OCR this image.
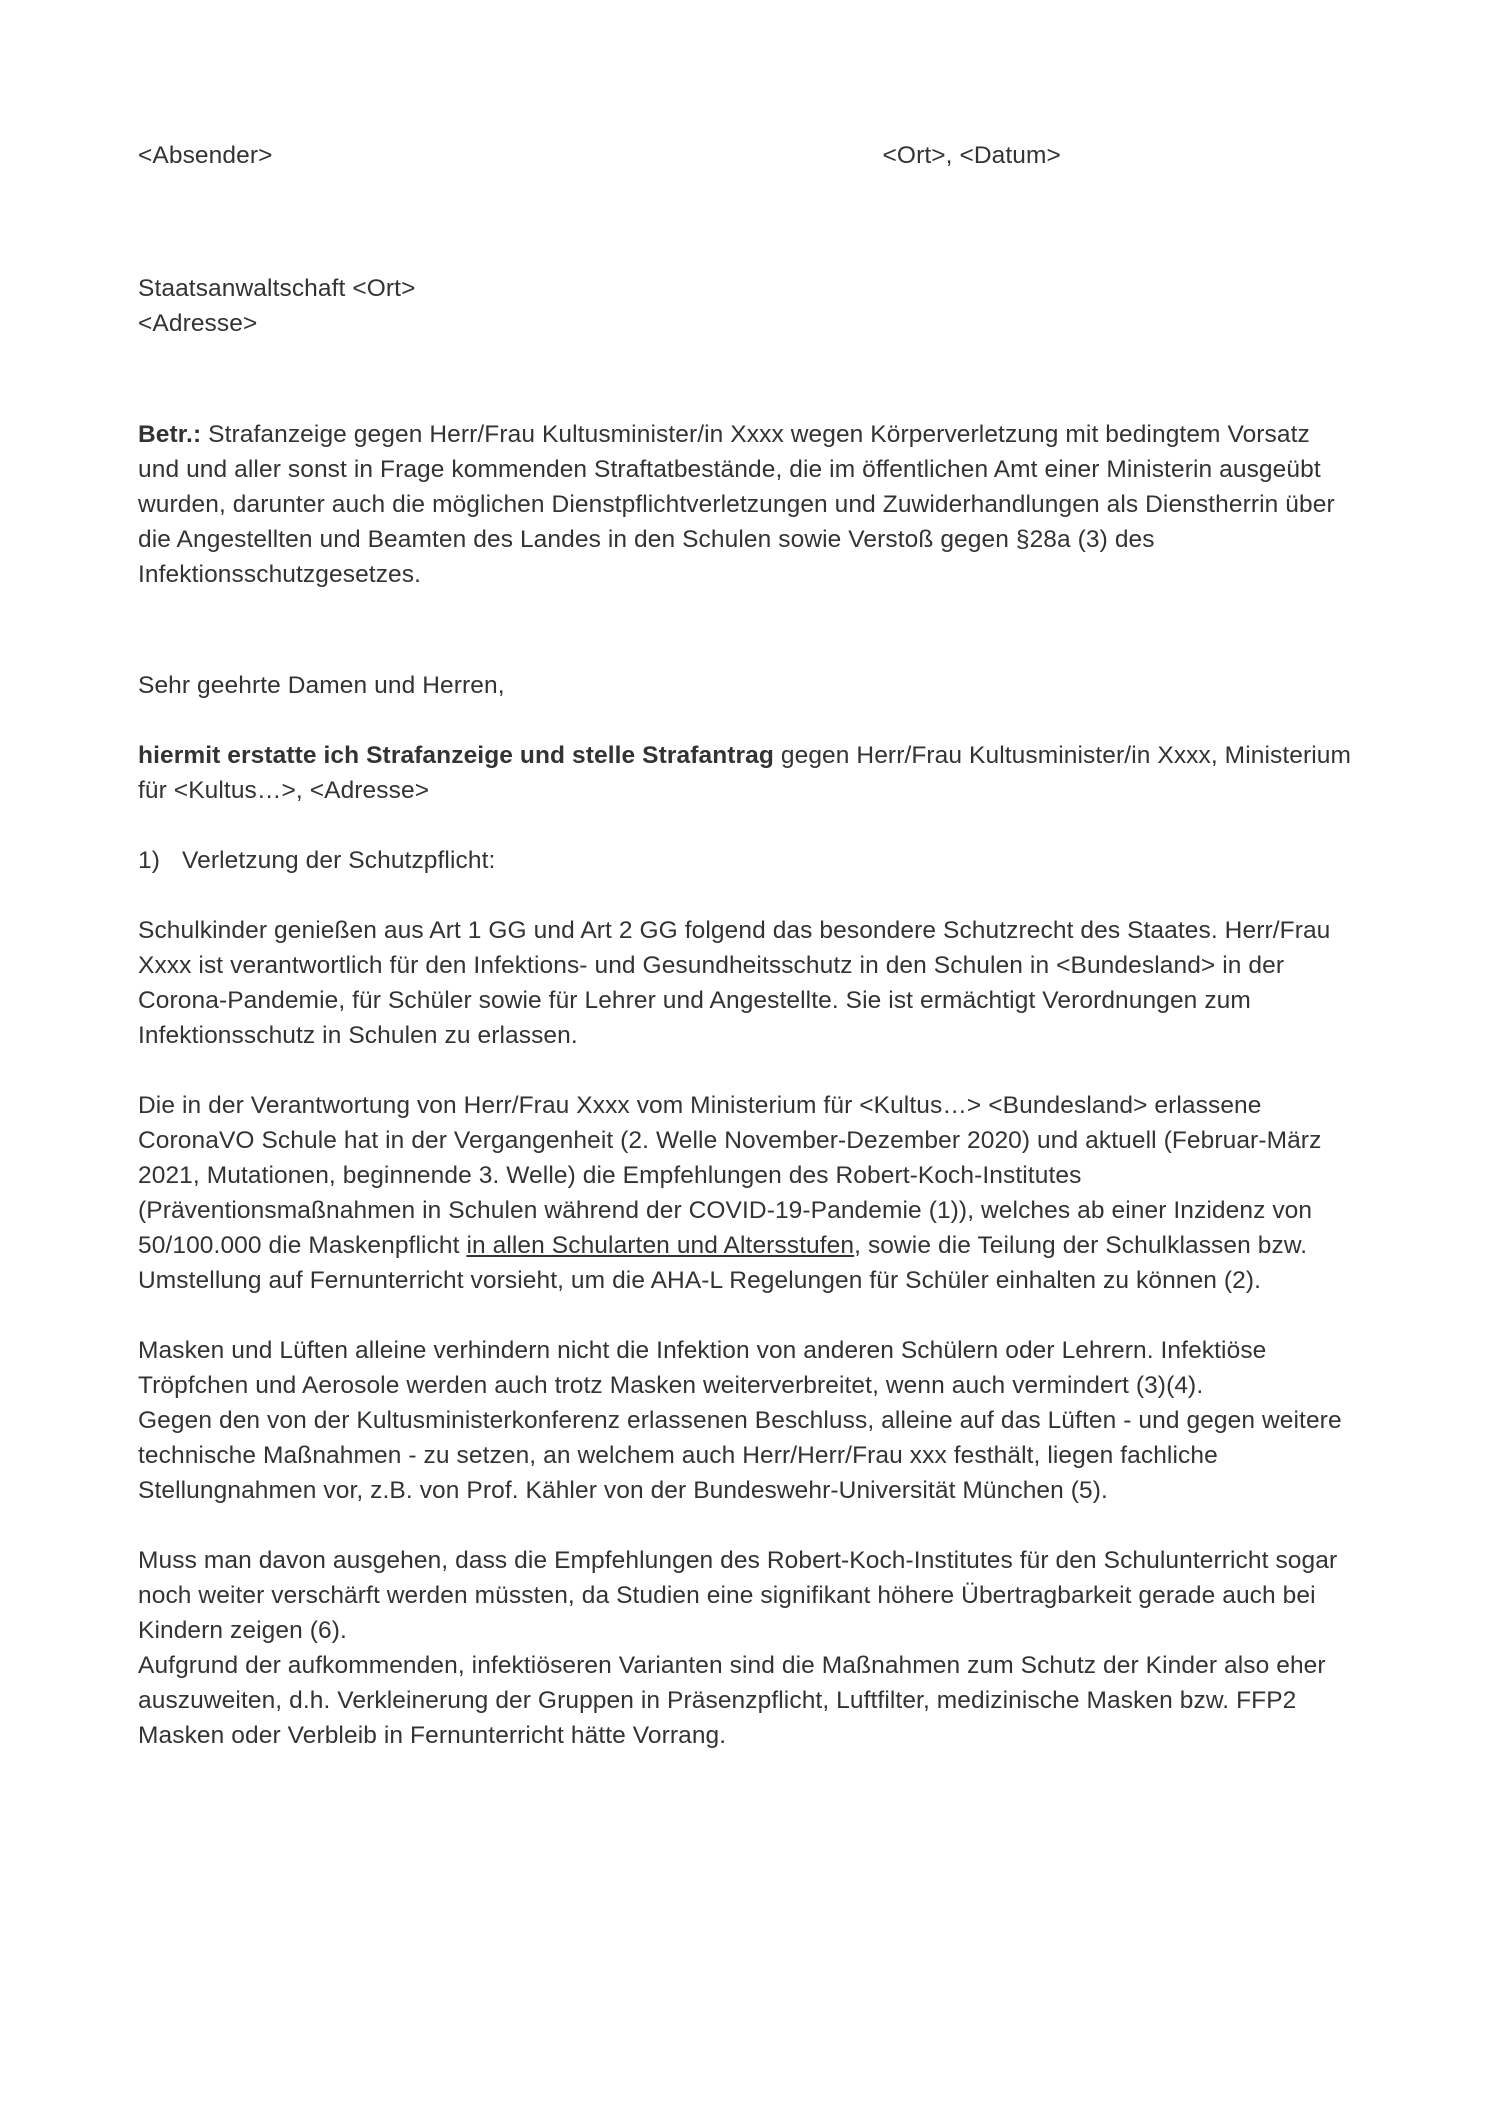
<Absender>	<Ort>, <Datum>
Staatsanwaltschaft <Ort>
<Adresse>

Betr.: Strafanzeige gegen Herr/Frau Kultusminister/in Xxxx wegen Körperverletzung mit bedingtem Vorsatz und und aller sonst in Frage kommenden Straftatbestände, die im öffentlichen Amt einer Ministerin ausgeübt wurden, darunter auch die möglichen Dienstpflichtverletzungen und Zuwiderhandlungen als Dienstherrin über die Angestellten und Beamten des Landes in den Schulen sowie Verstoß gegen §28a (3) des Infektionsschutzgesetzes.

Sehr geehrte Damen und Herren,

hiermit erstatte ich Strafanzeige und stelle Strafantrag gegen Herr/Frau Kultusminister/in Xxxx, Ministerium für <Kultus…>, <Adresse>

1) Verletzung der Schutzpflicht:

Schulkinder genießen aus Art 1 GG und Art 2 GG folgend das besondere Schutzrecht des Staates. Herr/Frau Xxxx ist verantwortlich für den Infektions- und Gesundheitsschutz in den Schulen in <Bundesland> in der Corona-Pandemie, für Schüler sowie für Lehrer und Angestellte. Sie ist ermächtigt Verordnungen zum Infektionsschutz in Schulen zu erlassen.

Die in der Verantwortung von Herr/Frau Xxxx vom Ministerium für <Kultus…> <Bundesland> erlassene CoronaVO Schule hat in der Vergangenheit (2. Welle November-Dezember 2020) und aktuell (Februar-März 2021, Mutationen, beginnende 3. Welle) die Empfehlungen des Robert-Koch-Institutes (Präventionsmaßnahmen in Schulen während der COVID-19-Pandemie (1)), welches ab einer Inzidenz von 50/100.000 die Maskenpflicht in allen Schularten und Altersstufen, sowie die Teilung der Schulklassen bzw. Umstellung auf Fernunterricht vorsieht, um die AHA-L Regelungen für Schüler einhalten zu können (2).

Masken und Lüften alleine verhindern nicht die Infektion von anderen Schülern oder Lehrern. Infektiöse Tröpfchen und Aerosole werden auch trotz Masken weiterverbreitet, wenn auch vermindert (3)(4).

Gegen den von der Kultusministerkonferenz erlassenen Beschluss, alleine auf das Lüften - und gegen weitere technische Maßnahmen - zu setzen, an welchem auch Herr/Herr/Frau xxx festhält, liegen fachliche Stellungnahmen vor, z.B. von Prof. Kähler von der Bundeswehr-Universität München (5).

Muss man davon ausgehen, dass die Empfehlungen des Robert-Koch-Institutes für den Schulunterricht sogar noch weiter verschärft werden müssten, da Studien eine signifikant höhere Übertragbarkeit gerade auch bei Kindern zeigen (6).

Aufgrund der aufkommenden, infektiöseren Varianten sind die Maßnahmen zum Schutz der Kinder also eher auszuweiten, d.h. Verkleinerung der Gruppen in Präsenzpflicht, Luftfilter, medizinische Masken bzw. FFP2 Masken oder Verbleib in Fernunterricht hätte Vorrang.
